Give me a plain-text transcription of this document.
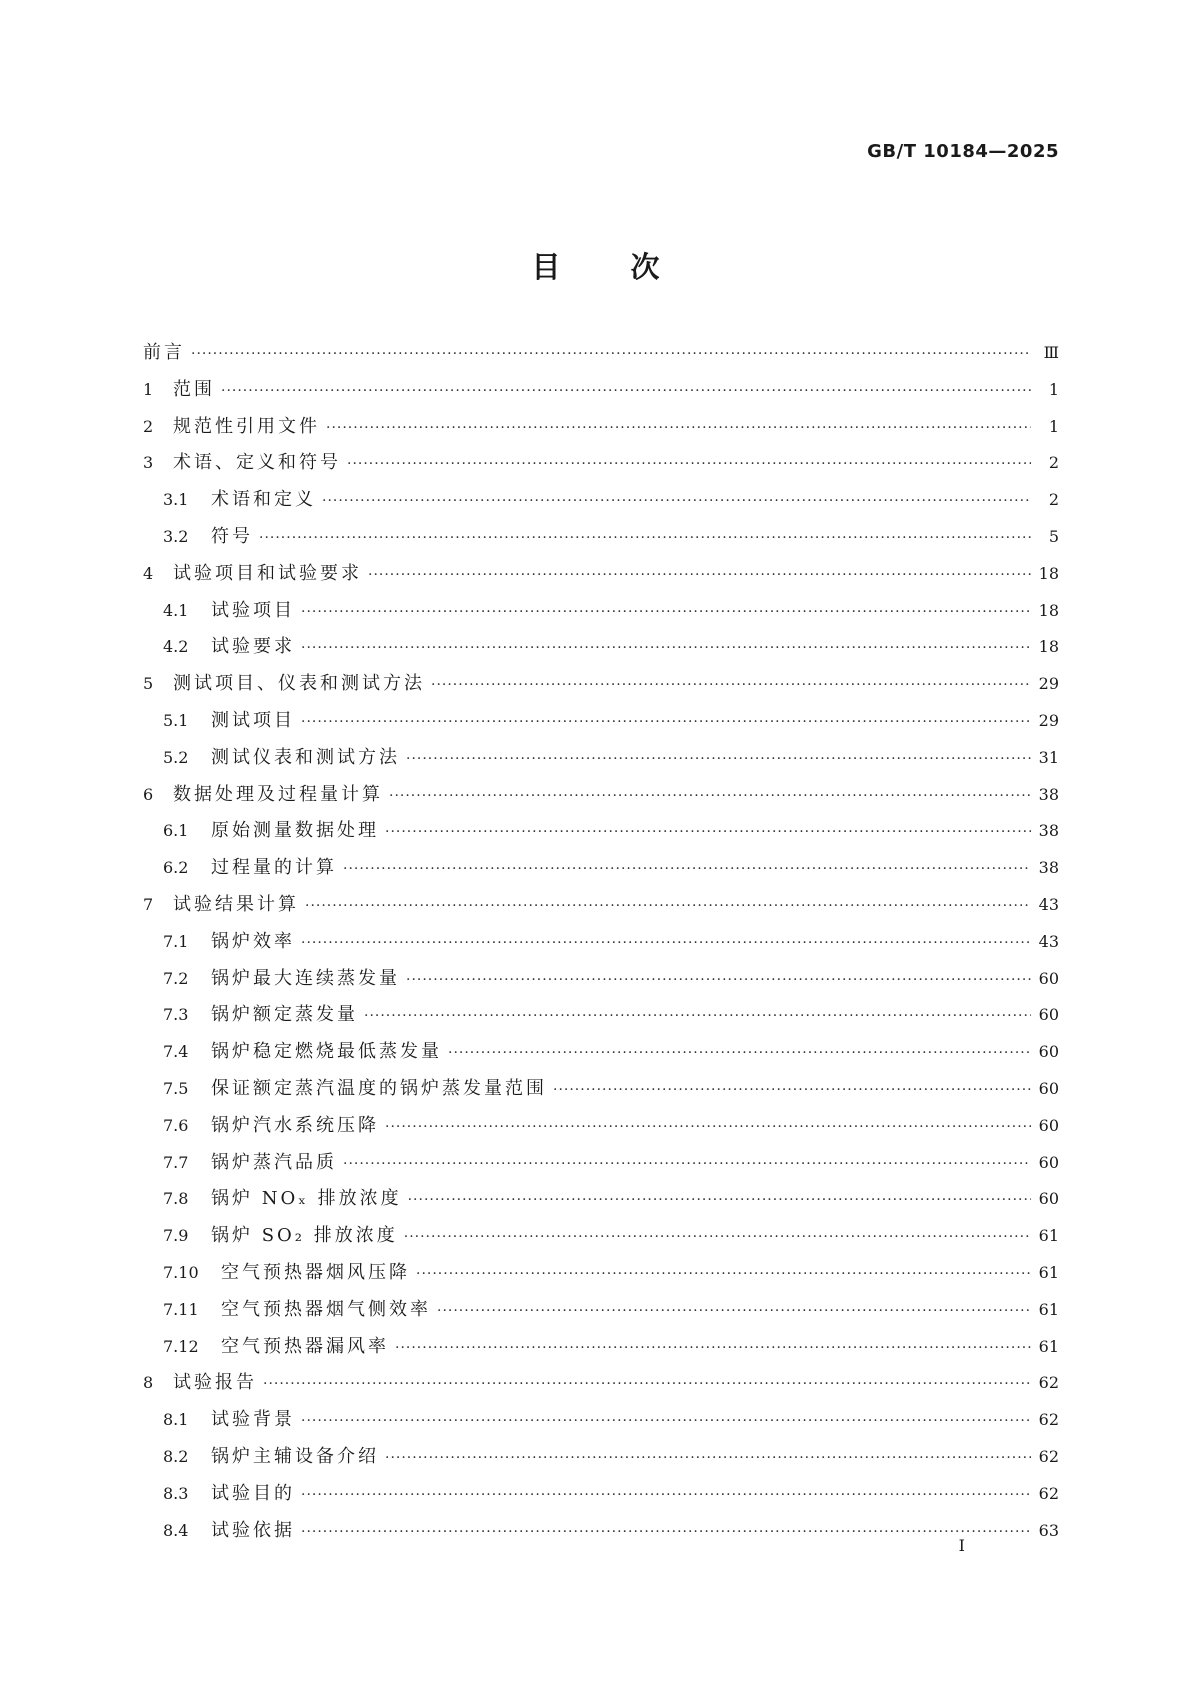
GB/T 10184—2025
目 次
前言 ·····	Ⅲ
1	范围 ·····	1
2	规范性引用文件 ·····	1
3	术语、定义和符号 ·····	2
3.1	术语和定义 ·····	2
3.2	符号 ·····	5
4	试验项目和试验要求 ·····	18
4.1	试验项目 ·····	18
4.2	试验要求 ·····	18
5	测试项目、仪表和测试方法 ·····	29
5.1	测试项目 ·····	29
5.2	测试仪表和测试方法 ·····	31
6	数据处理及过程量计算 ·····	38
6.1	原始测量数据处理 ·····	38
6.2	过程量的计算 ·····	38
7	试验结果计算 ·····	43
7.1	锅炉效率 ·····	43
7.2	锅炉最大连续蒸发量 ·····	60
7.3	锅炉额定蒸发量 ·····	60
7.4	锅炉稳定燃烧最低蒸发量 ·····	60
7.5	保证额定蒸汽温度的锅炉蒸发量范围 ·····	60
7.6	锅炉汽水系统压降 ·····	60
7.7	锅炉蒸汽品质 ·····	60
7.8	锅炉 NOₓ 排放浓度 ·····	60
7.9	锅炉 SO₂ 排放浓度 ·····	61
7.10	空气预热器烟风压降 ·····	61
7.11	空气预热器烟气侧效率 ·····	61
7.12	空气预热器漏风率 ·····	61
8	试验报告 ·····	62
8.1	试验背景 ·····	62
8.2	锅炉主辅设备介绍 ·····	62
8.3	试验目的 ·····	62
8.4	试验依据 ·····	63
I
